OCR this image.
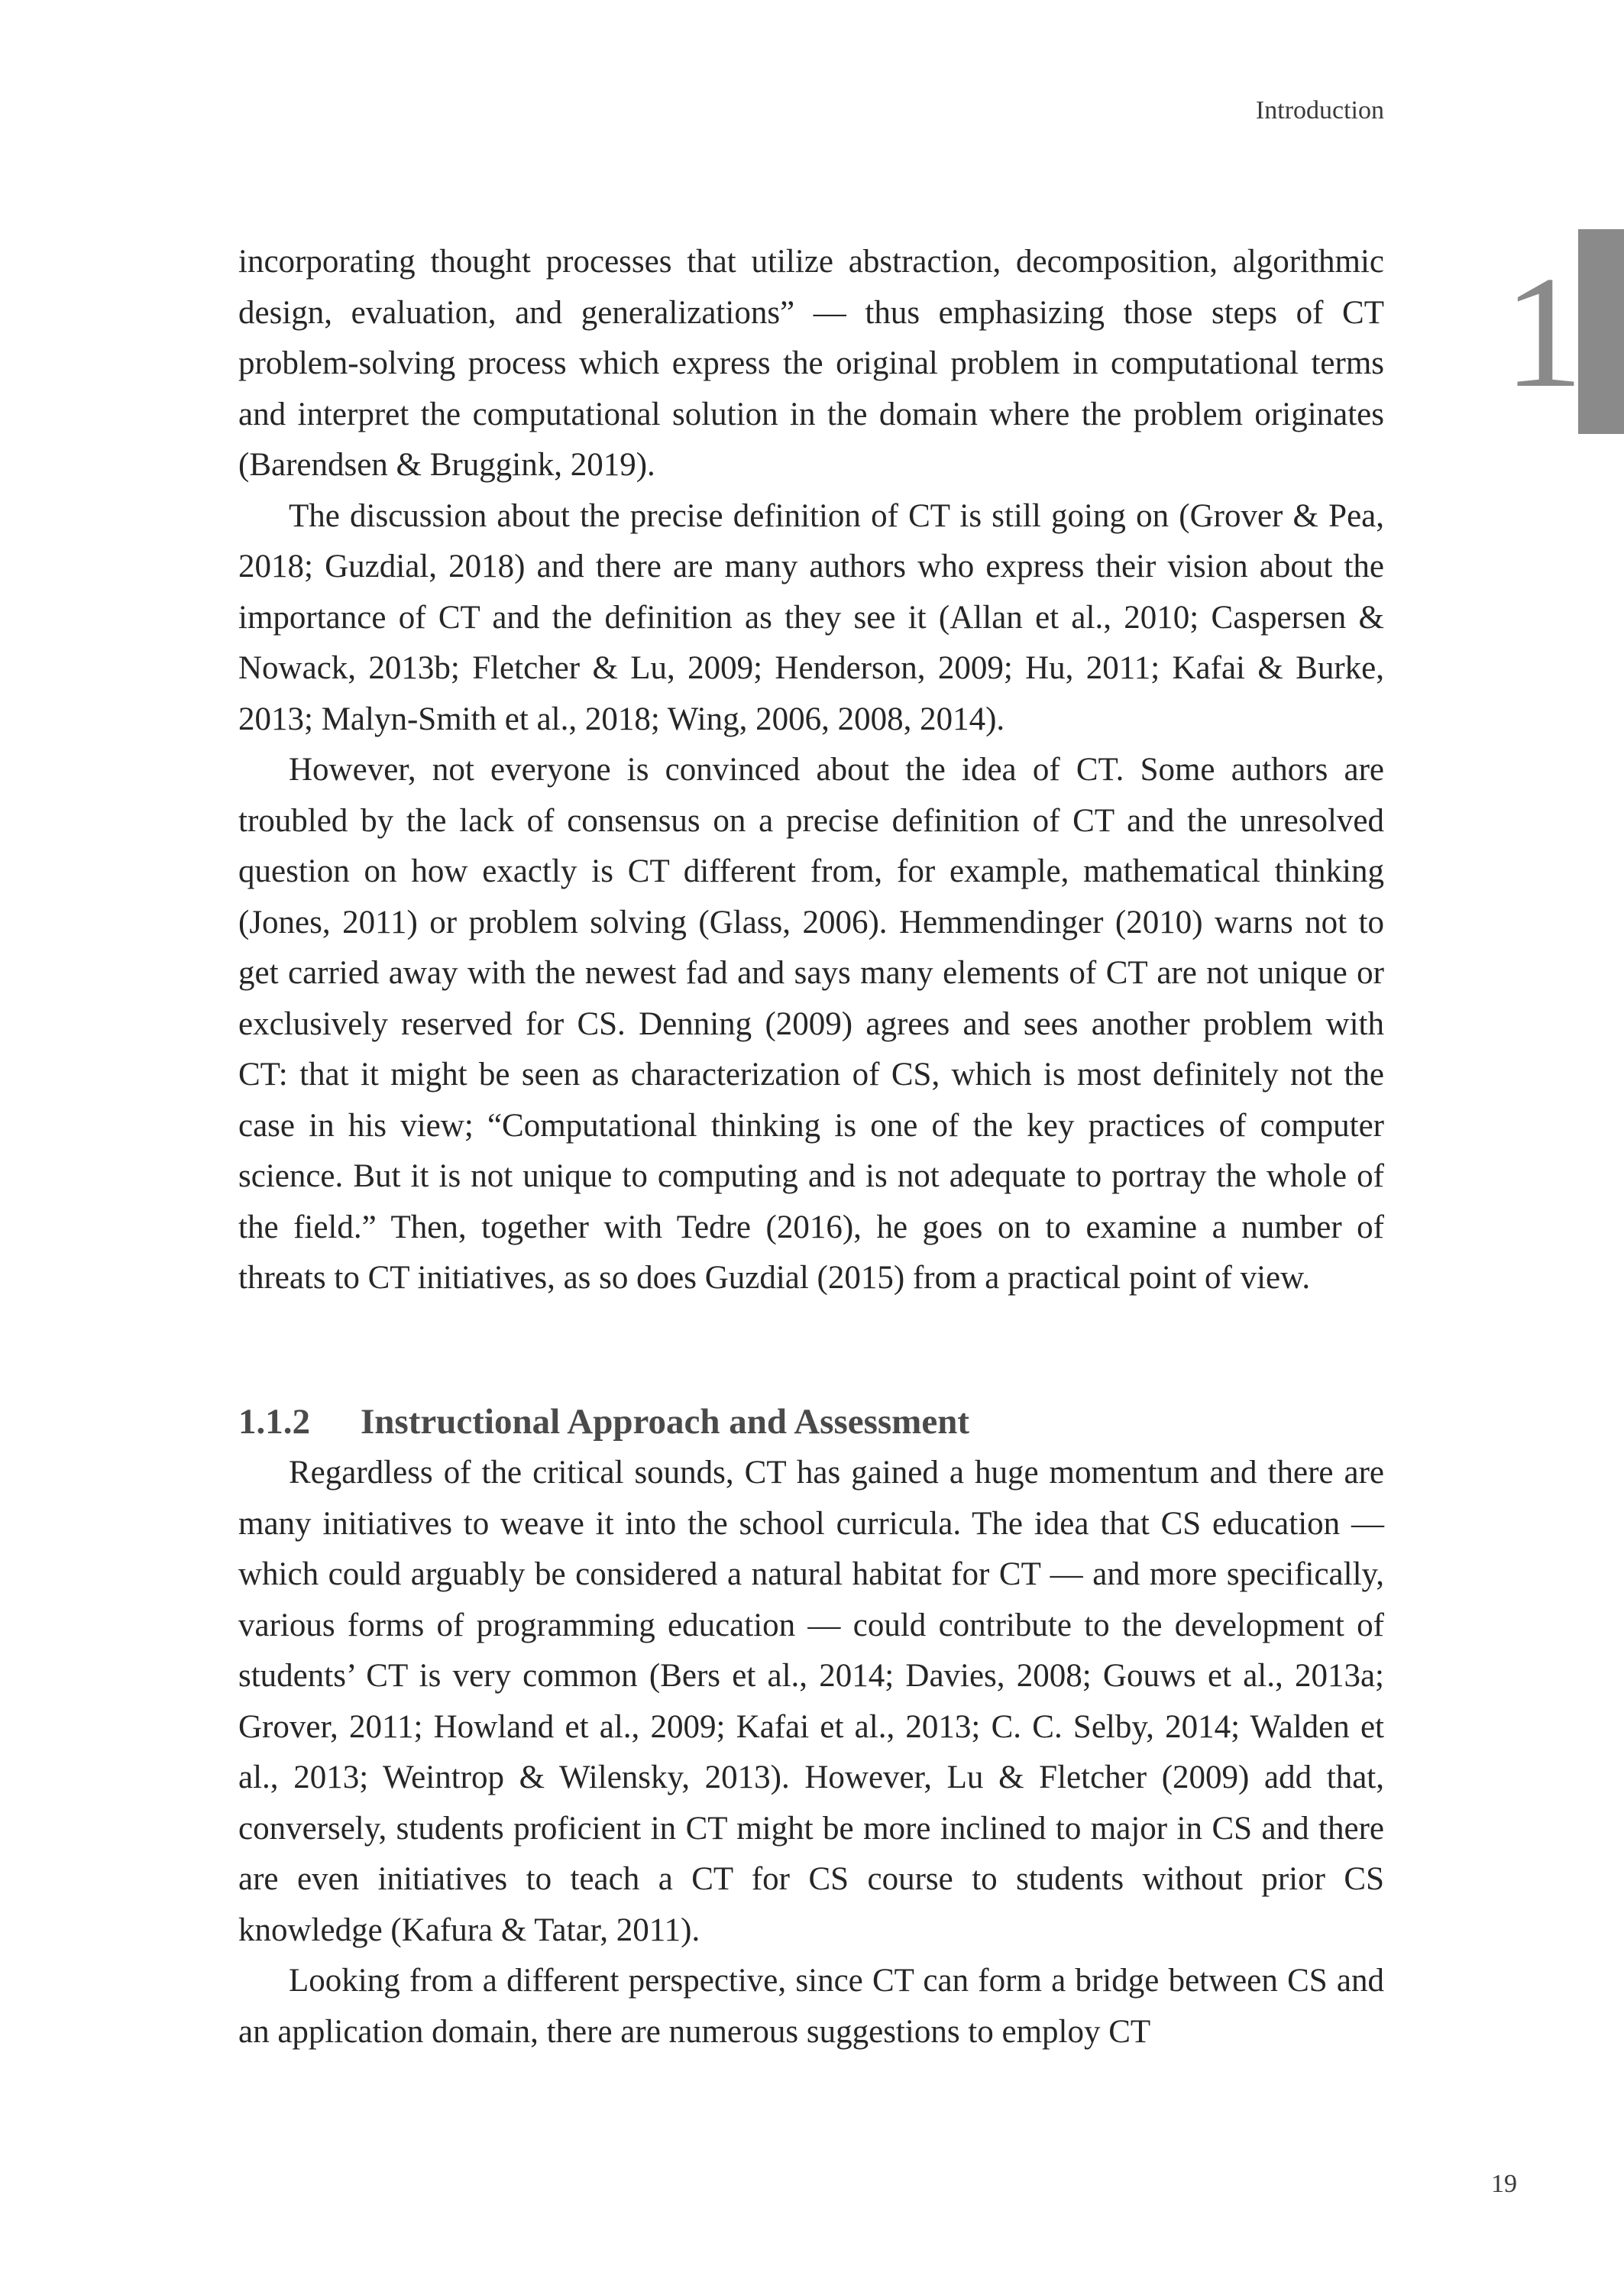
Introduction
1

incorporating thought processes that utilize abstraction, decomposition, algorithmic design, evaluation, and generalizations” — thus emphasizing those steps of CT problem-solving process which express the original problem in computational terms and interpret the computational solution in the domain where the problem originates (Barendsen & Bruggink, 2019).

The discussion about the precise definition of CT is still going on (Grover & Pea, 2018; Guzdial, 2018) and there are many authors who express their vision about the importance of CT and the definition as they see it (Allan et al., 2010; Caspersen & Nowack, 2013b; Fletcher & Lu, 2009; Henderson, 2009; Hu, 2011; Kafai & Burke, 2013; Malyn-Smith et al., 2018; Wing, 2006, 2008, 2014).

However, not everyone is convinced about the idea of CT. Some authors are troubled by the lack of consensus on a precise definition of CT and the unresolved question on how exactly is CT different from, for example, mathematical thinking (Jones, 2011) or problem solving (Glass, 2006). Hemmendinger (2010) warns not to get carried away with the newest fad and says many elements of CT are not unique or exclusively reserved for CS. Denning (2009) agrees and sees another problem with CT: that it might be seen as characterization of CS, which is most definitely not the case in his view; “Computational thinking is one of the key practices of computer science. But it is not unique to computing and is not adequate to portray the whole of the field.” Then, together with Tedre (2016), he goes on to examine a number of threats to CT initiatives, as so does Guzdial (2015) from a practical point of view.

1.1.2 Instructional Approach and Assessment

Regardless of the critical sounds, CT has gained a huge momentum and there are many initiatives to weave it into the school curricula. The idea that CS education — which could arguably be considered a natural habitat for CT — and more specifically, various forms of programming education — could contribute to the development of students’ CT is very common (Bers et al., 2014; Davies, 2008; Gouws et al., 2013a; Grover, 2011; Howland et al., 2009; Kafai et al., 2013; C. C. Selby, 2014; Walden et al., 2013; Weintrop & Wilensky, 2013). However, Lu & Fletcher (2009) add that, conversely, students proficient in CT might be more inclined to major in CS and there are even initiatives to teach a CT for CS course to students without prior CS knowledge (Kafura & Tatar, 2011).

Looking from a different perspective, since CT can form a bridge between CS and an application domain, there are numerous suggestions to employ CT

19
